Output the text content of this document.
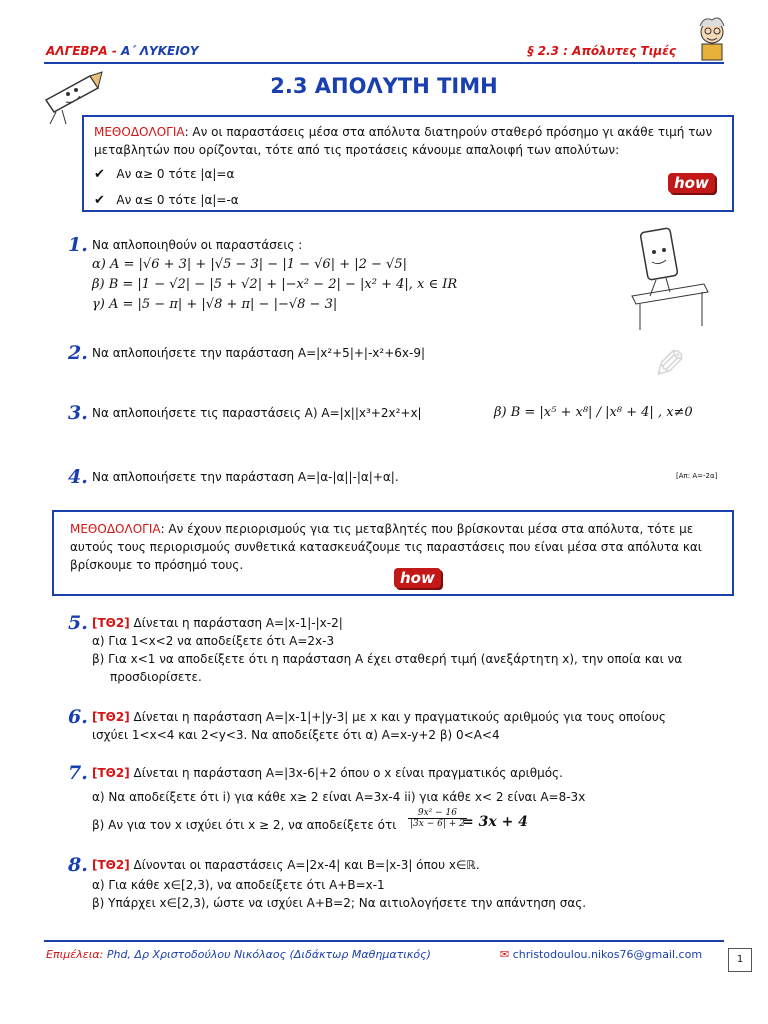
ΑΛΓΕΒΡΑ - Α΄ ΛΥΚΕΙΟΥ	§ 2.3 : Απόλυτες Τιμές
2.3 ΑΠΟΛΥΤΗ ΤΙΜΗ
ΜΕΘΟΔΟΛΟΓΙΑ: Αν οι παραστάσεις μέσα στα απόλυτα διατηρούν σταθερό πρόσημο γι ακάθε τιμή των μεταβλητών που ορίζονται, τότε από τις προτάσεις κάνουμε απαλοιφή των απολύτων:
✔ Αν α≥ 0 τότε |α|=α
✔ Αν α≤ 0 τότε |α|=-α
how
1. Να απλοποιηθούν οι παραστάσεις :
α) A = |√6 + 3| + |√5 − 3| − |1 − √6| + |2 − √5|
β) B = |1 − √2| − |5 + √2| + |−x² − 2| − |x² + 4|, x ∈ IR
γ) A = |5 − π| + |√8 + π| − |−√8 − 3|
✎
2. Να απλοποιήσετε την παράσταση A=|x²+5|+|-x²+6x-9|
3. Να απλοποιήσετε τις παραστάσεις Α) A=|x||x³+2x²+x|	β) B = |x⁵ + x⁸| / |x⁸ + 4| , x≠0
4. Να απλοποιήσετε την παράσταση A=|α-|α||-|α|+α|.	[Απ: Α=-2α]
ΜΕΘΟΔΟΛΟΓΙΑ: Αν έχουν περιορισμούς για τις μεταβλητές που βρίσκονται μέσα στα απόλυτα, τότε με αυτούς τους περιορισμούς συνθετικά κατασκευάζουμε τις παραστάσεις που είναι μέσα στα απόλυτα και βρίσκουμε το πρόσημό τους.
how
5. [ΤΘ2] Δίνεται η παράσταση A=|x-1|-|x-2|
α) Για 1<x<2 να αποδείξετε ότι A=2x-3
β) Για x<1 να αποδείξετε ότι η παράσταση A έχει σταθερή τιμή (ανεξάρτητη x), την οποία και να
προσδιορίσετε.
6. [ΤΘ2] Δίνεται η παράσταση A=|x-1|+|y-3| με x και y πραγματικούς αριθμούς για τους οποίους
ισχύει 1<x<4 και 2<y<3. Να αποδείξετε ότι α) A=x-y+2 β) 0<A<4
7. [ΤΘ2] Δίνεται η παράσταση A=|3x-6|+2 όπου ο x είναι πραγματικός αριθμός.
α) Να αποδείξετε ότι i) για κάθε x≥ 2 είναι A=3x-4 ii) για κάθε x< 2 είναι A=8-3x
β) Αν για τον x ισχύει ότι x ≥ 2, να αποδείξετε ότι $\frac{\text{9x² − 16}}{|3x - 6| + 2}$
= 3x + 4
8. [ΤΘ2] Δίνονται οι παραστάσεις A=|2x-4| και B=|x-3| όπου x∈ℝ.
α) Για κάθε x∈[2,3), να αποδείξετε ότι A+B=x-1
β) Υπάρχει x∈[2,3), ώστε να ισχύει A+B=2; Να αιτιολογήσετε την απάντηση σας.
Επιμέλεια: Phd, Δρ Χριστοδούλου Νικόλαος (Διδάκτωρ Μαθηματικός)	✉ christodoulou.nikos76@gmail.com	1
